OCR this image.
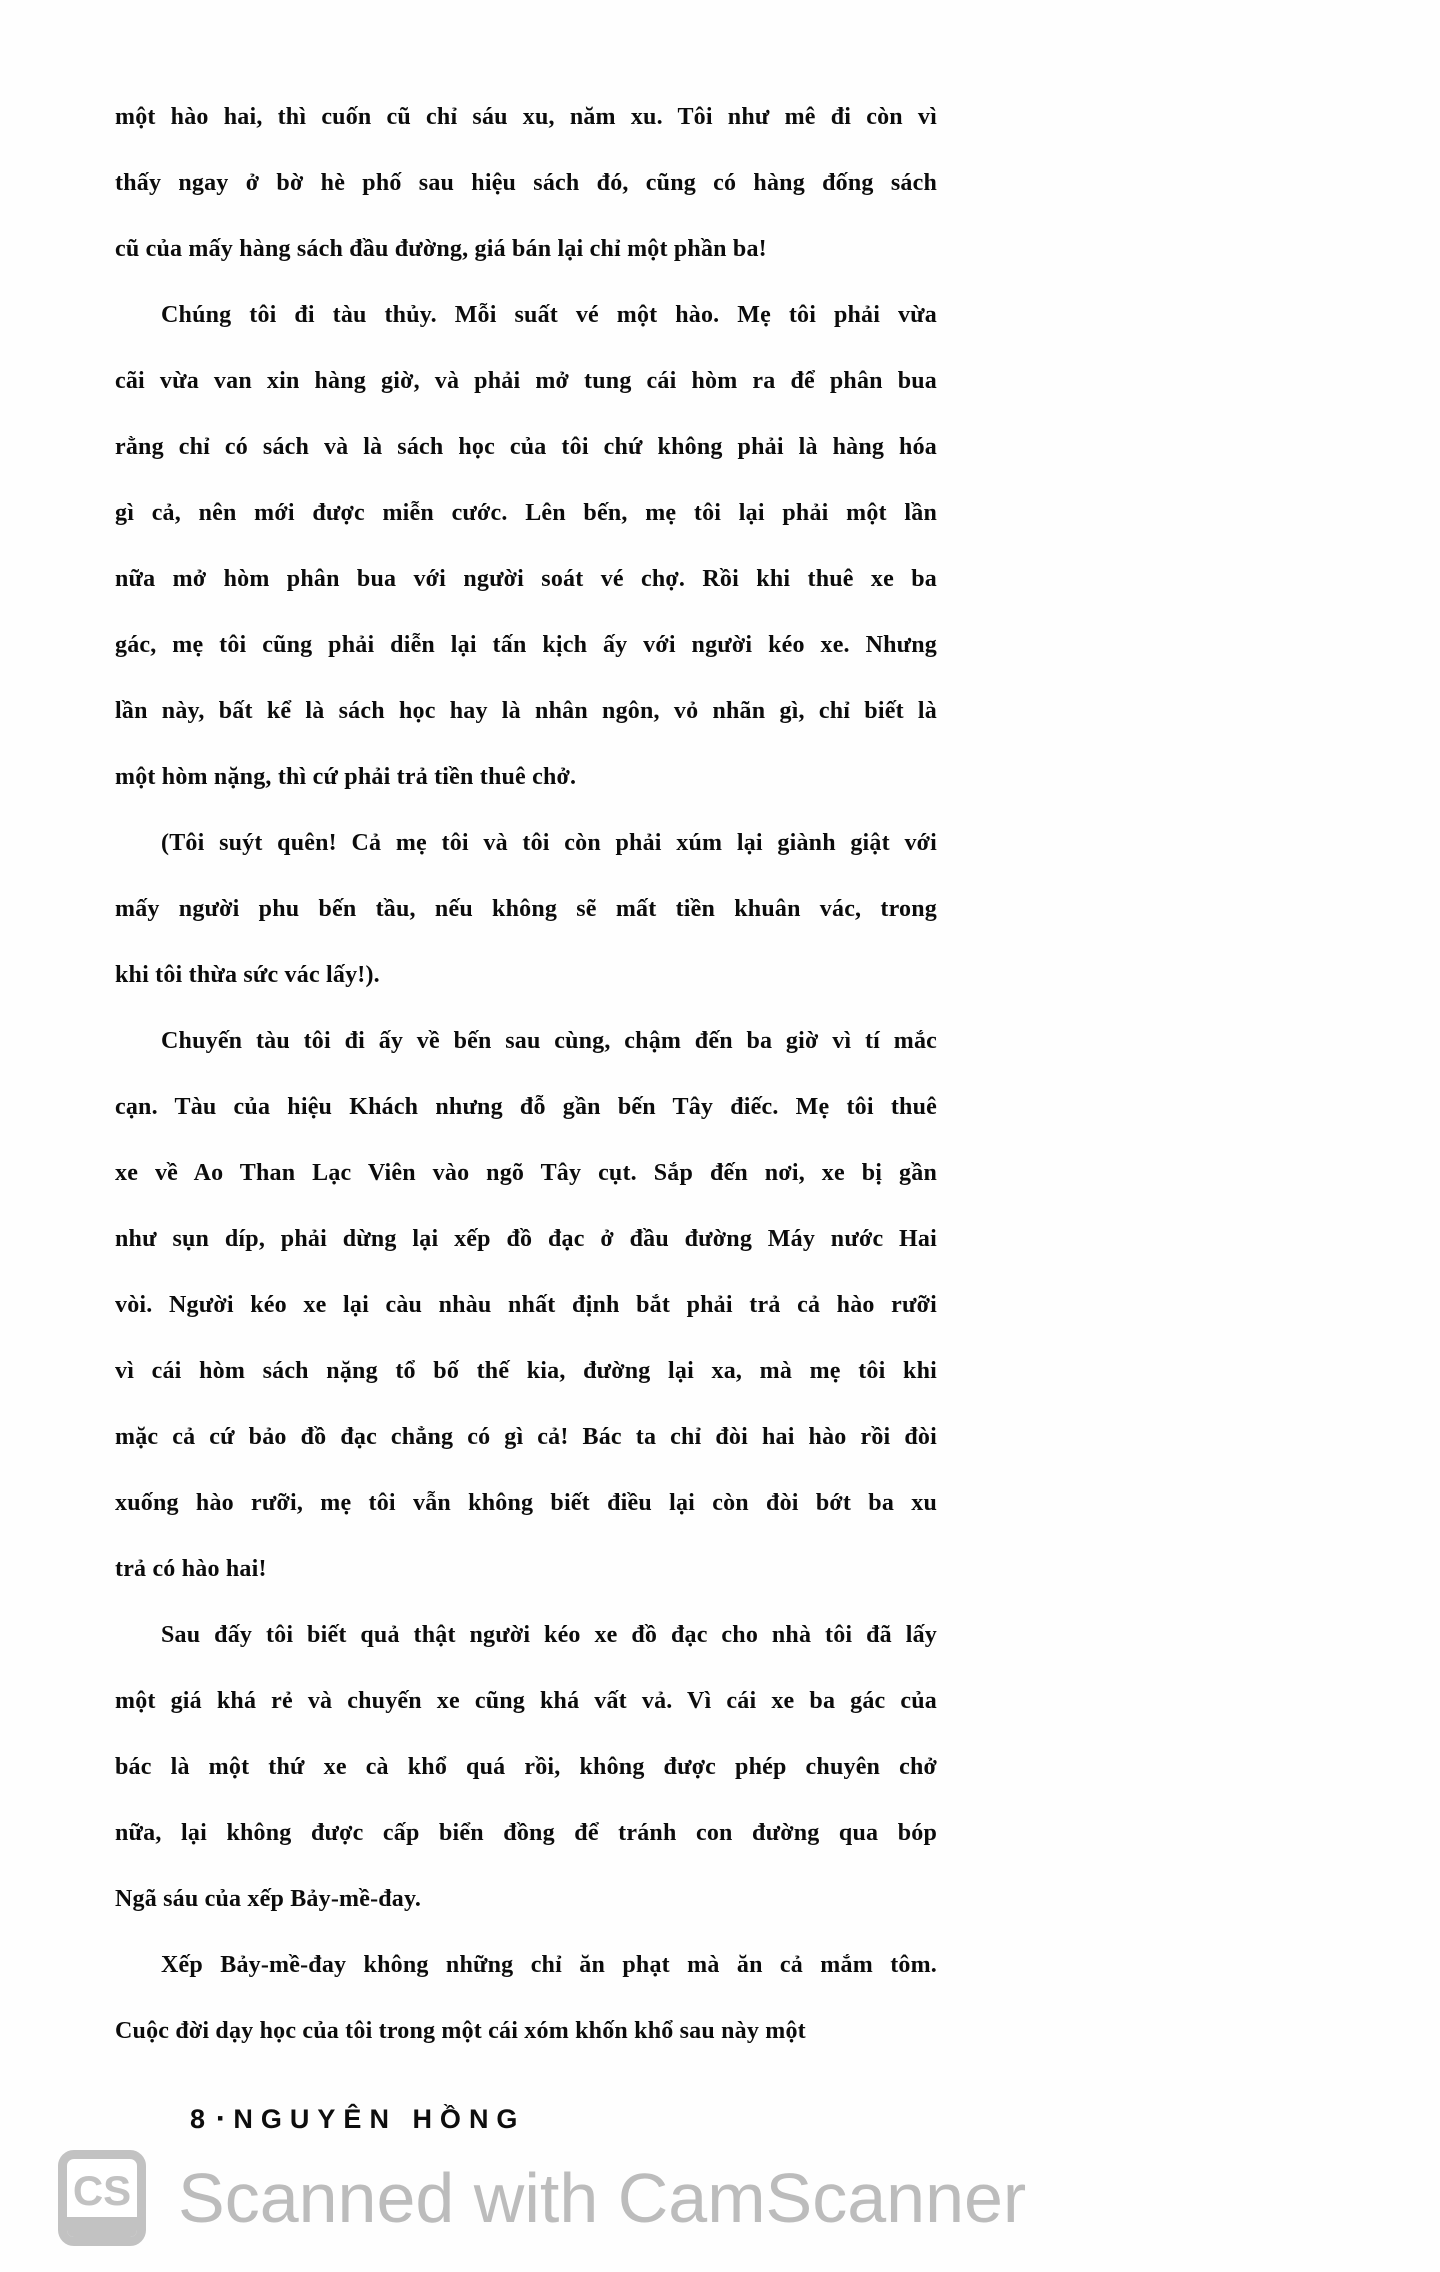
một hào hai, thì cuốn cũ chỉ sáu xu, năm xu. Tôi như mê đi còn vì
thấy ngay ở bờ hè phố sau hiệu sách đó, cũng có hàng đống sách
cũ của mấy hàng sách đầu đường, giá bán lại chỉ một phần ba!

Chúng tôi đi tàu thủy. Mỗi suất vé một hào. Mẹ tôi phải vừa
cãi vừa van xin hàng giờ, và phải mở tung cái hòm ra để phân bua
rằng chỉ có sách và là sách học của tôi chứ không phải là hàng hóa
gì cả, nên mới được miễn cước. Lên bến, mẹ tôi lại phải một lần
nữa mở hòm phân bua với người soát vé chợ. Rồi khi thuê xe ba
gác, mẹ tôi cũng phải diễn lại tấn kịch ấy với người kéo xe. Nhưng
lần này, bất kể là sách học hay là nhân ngôn, vỏ nhãn gì, chỉ biết là
một hòm nặng, thì cứ phải trả tiền thuê chở.

(Tôi suýt quên! Cả mẹ tôi và tôi còn phải xúm lại giành giật với
mấy người phu bến tầu, nếu không sẽ mất tiền khuân vác, trong
khi tôi thừa sức vác lấy!).

Chuyến tàu tôi đi ấy về bến sau cùng, chậm đến ba giờ vì tí mắc
cạn. Tàu của hiệu Khách nhưng đỗ gần bến Tây điếc. Mẹ tôi thuê
xe về Ao Than Lạc Viên vào ngõ Tây cụt. Sắp đến nơi, xe bị gần
như sụn díp, phải dừng lại xếp đồ đạc ở đầu đường Máy nước Hai
vòi. Người kéo xe lại càu nhàu nhất định bắt phải trả cả hào rưỡi
vì cái hòm sách nặng tổ bố thế kia, đường lại xa, mà mẹ tôi khi
mặc cả cứ bảo đồ đạc chẳng có gì cả! Bác ta chỉ đòi hai hào rồi đòi
xuống hào rưỡi, mẹ tôi vẫn không biết điều lại còn đòi bớt ba xu
trả có hào hai!

Sau đấy tôi biết quả thật người kéo xe đồ đạc cho nhà tôi đã lấy
một giá khá rẻ và chuyến xe cũng khá vất vả. Vì cái xe ba gác của
bác là một thứ xe cà khổ quá rồi, không được phép chuyên chở
nữa, lại không được cấp biển đồng để tránh con đường qua bóp
Ngã sáu của xếp Bảy-mề-đay.

Xếp Bảy-mề-đay không những chỉ ăn phạt mà ăn cả mắm tôm.
Cuộc đời dạy học của tôi trong một cái xóm khốn khổ sau này một

8 ▪ NGUYÊN HỒNG
CS Scanned with CamScanner
